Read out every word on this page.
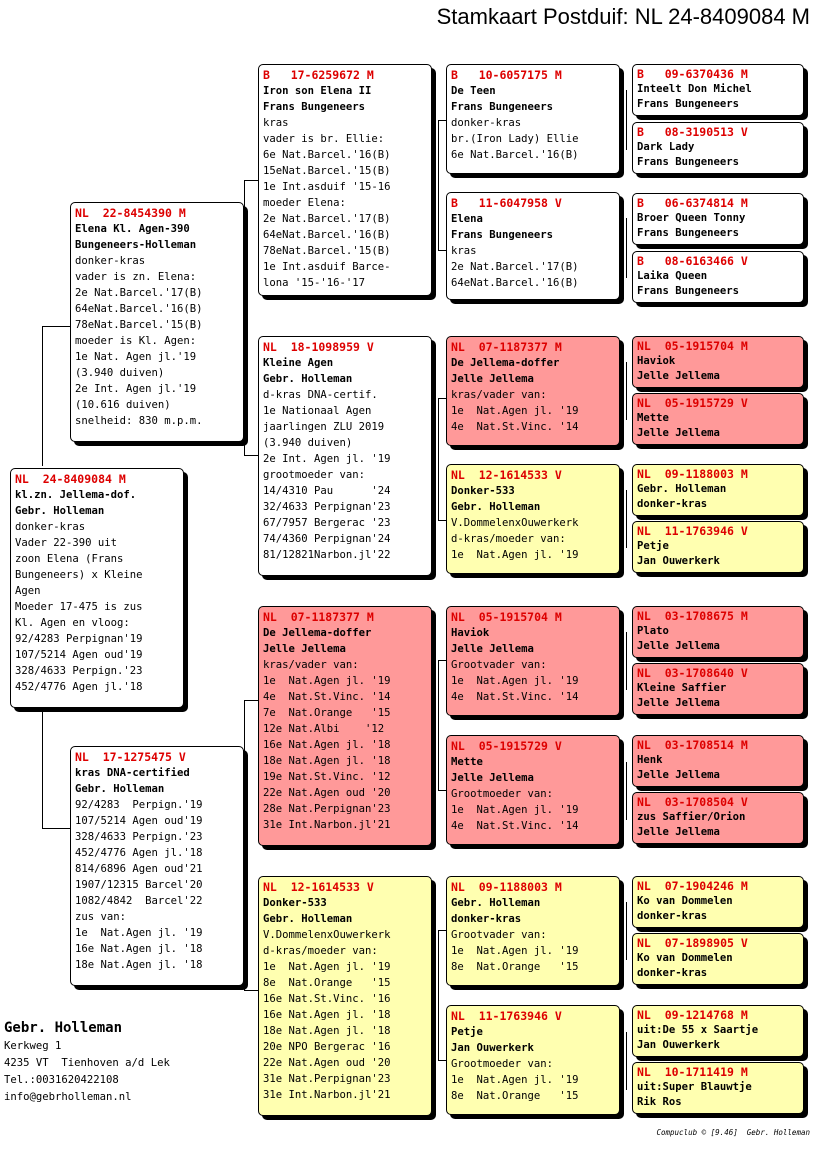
Stamkaart Postduif: NL 24-8409084 M
NL  24-8409084 M
kl.zn. Jellema-dof.
Gebr. Holleman
donker-kras
Vader 22-390 uit
zoon Elena (Frans
Bungeneers) x Kleine
Agen
Moeder 17-475 is zus
Kl. Agen en vloog:
92/4283 Perpignan'19
107/5214 Agen oud'19
328/4633 Perpign.'23
452/4776 Agen jl.'18
NL  22-8454390 M
Elena Kl. Agen-390
Bungeneers-Holleman
donker-kras
vader is zn. Elena:
2e Nat.Barcel.'17(B)
64eNat.Barcel.'16(B)
78eNat.Barcel.'15(B)
moeder is Kl. Agen:
1e Nat. Agen jl.'19
(3.940 duiven)
2e Int. Agen jl.'19
(10.616 duiven)
snelheid: 830 m.p.m.
NL  17-1275475 V
kras DNA-certified
Gebr. Holleman
92/4283  Perpign.'19
107/5214 Agen oud'19
328/4633 Perpign.'23
452/4776 Agen jl.'18
814/6896 Agen oud'21
1907/12315 Barcel'20
1082/4842  Barcel'22
zus van:
1e  Nat.Agen jl. '19
16e Nat.Agen jl. '18
18e Nat.Agen jl. '18
B   17-6259672 M
Iron son Elena II
Frans Bungeneers
kras
vader is br. Ellie:
6e Nat.Barcel.'16(B)
15eNat.Barcel.'15(B)
1e Int.asduif '15-16
moeder Elena:
2e Nat.Barcel.'17(B)
64eNat.Barcel.'16(B)
78eNat.Barcel.'15(B)
1e Int.asduif Barce-
lona '15-'16-'17
NL  18-1098959 V
Kleine Agen
Gebr. Holleman
d-kras DNA-certif.
1e Nationaal Agen
jaarlingen ZLU 2019
(3.940 duiven)
2e Int. Agen jl. '19
grootmoeder van:
14/4310 Pau      '24
32/4633 Perpignan'23
67/7957 Bergerac '23
74/4360 Perpignan'24
81/12821Narbon.jl'22
NL  07-1187377 M
De Jellema-doffer
Jelle Jellema
kras/vader van:
1e  Nat.Agen jl. '19
4e  Nat.St.Vinc. '14
7e  Nat.Orange   '15
12e Nat.Albi    '12
16e Nat.Agen jl. '18
18e Nat.Agen jl. '18
19e Nat.St.Vinc. '12
22e Nat.Agen oud '20
28e Nat.Perpignan'23
31e Int.Narbon.jl'21
NL  12-1614533 V
Donker-533
Gebr. Holleman
V.DommelenxOuwerkerk
d-kras/moeder van:
1e  Nat.Agen jl. '19
8e  Nat.Orange   '15
16e Nat.St.Vinc. '16
16e Nat.Agen jl. '18
18e Nat.Agen jl. '18
20e NPO Bergerac '16
22e Nat.Agen oud '20
31e Nat.Perpignan'23
31e Int.Narbon.jl'21
B   10-6057175 M
De Teen
Frans Bungeneers
donker-kras
br.(Iron Lady) Ellie
6e Nat.Barcel.'16(B)
B   11-6047958 V
Elena
Frans Bungeneers
kras
2e Nat.Barcel.'17(B)
64eNat.Barcel.'16(B)
NL  07-1187377 M
De Jellema-doffer
Jelle Jellema
kras/vader van:
1e  Nat.Agen jl. '19
4e  Nat.St.Vinc. '14
NL  12-1614533 V
Donker-533
Gebr. Holleman
V.DommelenxOuwerkerk
d-kras/moeder van:
1e  Nat.Agen jl. '19
NL  05-1915704 M
Haviok
Jelle Jellema
Grootvader van:
1e  Nat.Agen jl. '19
4e  Nat.St.Vinc. '14
NL  05-1915729 V
Mette
Jelle Jellema
Grootmoeder van:
1e  Nat.Agen jl. '19
4e  Nat.St.Vinc. '14
NL  09-1188003 M
Gebr. Holleman
donker-kras
Grootvader van:
1e  Nat.Agen jl. '19
8e  Nat.Orange   '15
NL  11-1763946 V
Petje
Jan Ouwerkerk
Grootmoeder van:
1e  Nat.Agen jl. '19
8e  Nat.Orange   '15
B   09-6370436 M
Inteelt Don Michel
Frans Bungeneers
B   08-3190513 V
Dark Lady
Frans Bungeneers
B   06-6374814 M
Broer Queen Tonny
Frans Bungeneers
B   08-6163466 V
Laika Queen
Frans Bungeneers
NL  05-1915704 M
Haviok
Jelle Jellema
NL  05-1915729 V
Mette
Jelle Jellema
NL  09-1188003 M
Gebr. Holleman
donker-kras
NL  11-1763946 V
Petje
Jan Ouwerkerk
NL  03-1708675 M
Plato
Jelle Jellema
NL  03-1708640 V
Kleine Saffier
Jelle Jellema
NL  03-1708514 M
Henk
Jelle Jellema
NL  03-1708504 V
zus Saffier/Orion
Jelle Jellema
NL  07-1904246 M
Ko van Dommelen
donker-kras
NL  07-1898905 V
Ko van Dommelen
donker-kras
NL  09-1214768 M
uit:De 55 x Saartje
Jan Ouwerkerk
NL  10-1711419 M
uit:Super Blauwtje
Rik Ros
Gebr. Holleman
Kerkweg 1
4235 VT  Tienhoven a/d Lek
Tel.:0031620422108
info@gebrholleman.nl
Compuclub © [9.46]  Gebr. Holleman
